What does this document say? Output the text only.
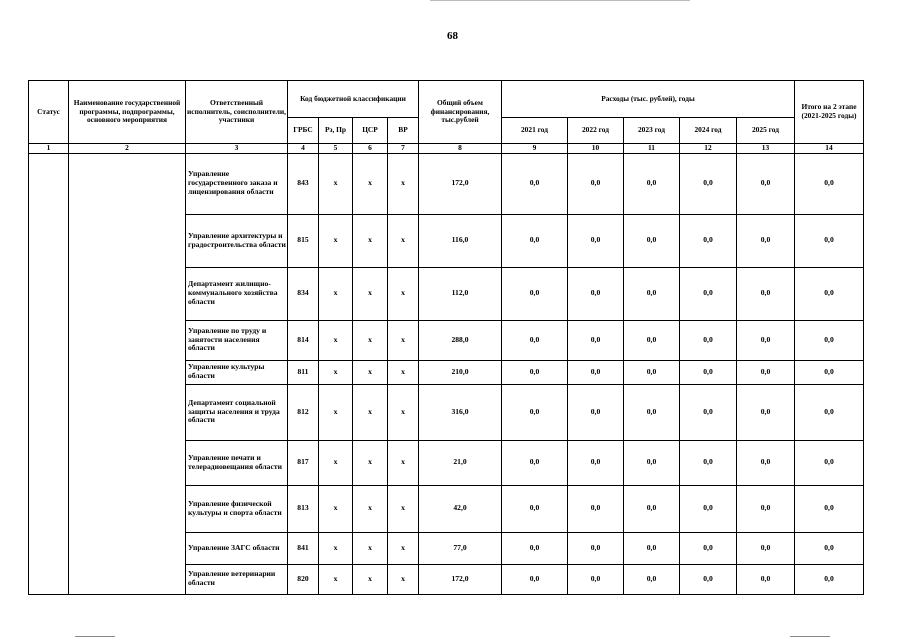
68
Статус	Наименование государственной программы, подпрограммы, основного мероприятия	Ответственный исполнитель, соисполнители, участники	Код бюджетной классификации				Общий объем финансирования, тыс.рублей	Расходы (тыс. рублей), годы					Итого на 2 этапе (2021-2025 годы)
			ГРБС	Рз, Пр	ЦСР	ВР		2021 год	2022 год	2023 год	2024 год	2025 год	
1	2	3	4	5	6	7	8	9	10	11	12	13	14
		Управление государственного заказа и лицензирования области	843	x	x	x	172,0	0,0	0,0	0,0	0,0	0,0	0,0
		Управление архитектуры и градостроительства области	815	x	x	x	116,0	0,0	0,0	0,0	0,0	0,0	0,0
		Департамент жилищно-коммунального хозяйства области	834	x	x	x	112,0	0,0	0,0	0,0	0,0	0,0	0,0
		Управление по труду и занятости населения области	814	x	x	x	288,0	0,0	0,0	0,0	0,0	0,0	0,0
		Управление культуры области	811	x	x	x	210,0	0,0	0,0	0,0	0,0	0,0	0,0
		Департамент социальной защиты населения и труда области	812	x	x	x	316,0	0,0	0,0	0,0	0,0	0,0	0,0
		Управление печати и телерадиовещания области	817	x	x	x	21,0	0,0	0,0	0,0	0,0	0,0	0,0
		Управление физической культуры и спорта области	813	x	x	x	42,0	0,0	0,0	0,0	0,0	0,0	0,0
		Управление ЗАГС области	841	x	x	x	77,0	0,0	0,0	0,0	0,0	0,0	0,0
		Управление ветеринарии области	820	x	x	x	172,0	0,0	0,0	0,0	0,0	0,0	0,0
